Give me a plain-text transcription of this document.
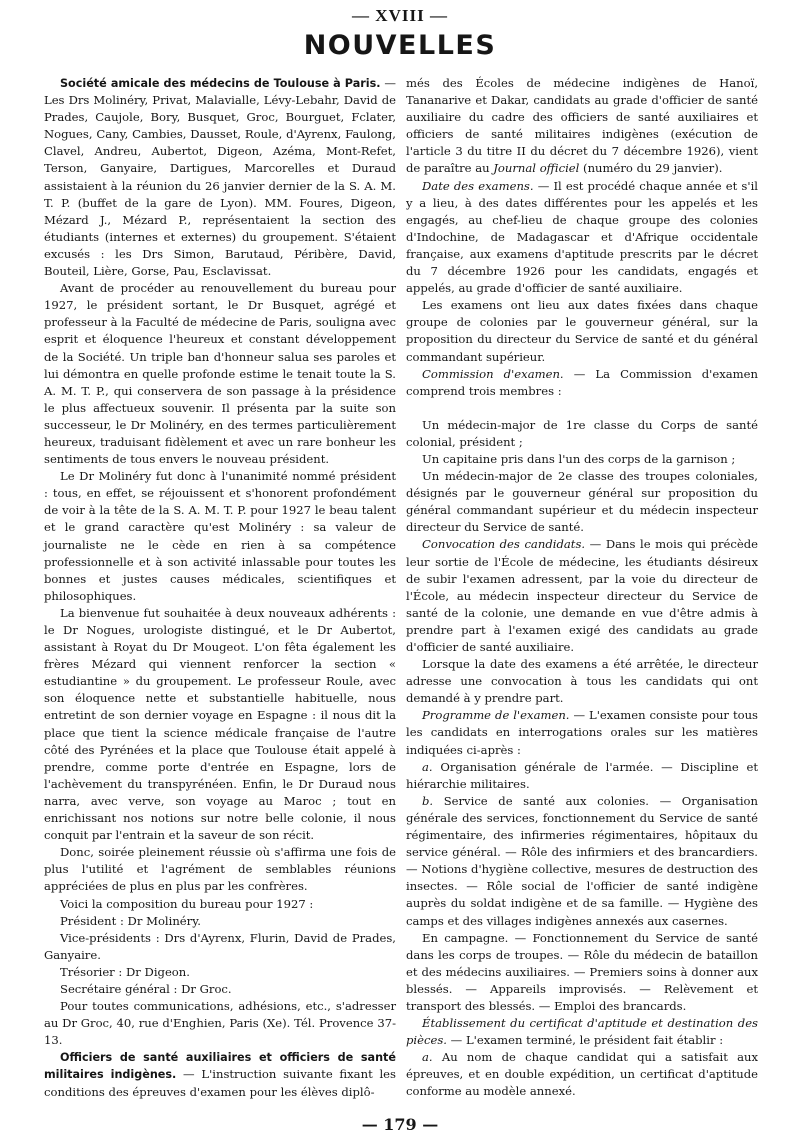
— XVIII —
NOUVELLES

Société amicale des médecins de Toulouse à Paris. — Les Drs Molinéry, Privat, Malavialle, Lévy-Lebahr, David de Prades, Caujole, Bory, Busquet, Groc, Bourguet, Fclater, Nogues, Cany, Cambies, Dausset, Roule, d'Ayrenx, Faulong, Clavel, Andreu, Aubertot, Digeon, Azéma, Mont-Refet, Terson, Ganyaire, Dartigues, Marcorelles et Duraud assistaient à la réunion du 26 janvier dernier de la S. A. M. T. P. (buffet de la gare de Lyon). MM. Foures, Digeon, Mézard J., Mézard P., représentaient la section des étudiants (internes et externes) du groupement. S'étaient excusés : les Drs Simon, Barutaud, Péribère, David, Bouteil, Lière, Gorse, Pau, Esclavissat.

Avant de procéder au renouvellement du bureau pour 1927, le président sortant, le Dr Busquet, agrégé et professeur à la Faculté de médecine de Paris, souligna avec esprit et éloquence l'heureux et constant développement de la Société. Un triple ban d'honneur salua ses paroles et lui démontra en quelle profonde estime le tenait toute la S. A. M. T. P., qui conservera de son passage à la présidence le plus affectueux souvenir. Il présenta par la suite son successeur, le Dr Molinéry, en des termes particulièrement heureux, traduisant fidèlement et avec un rare bonheur les sentiments de tous envers le nouveau président.

Le Dr Molinéry fut donc à l'unanimité nommé président : tous, en effet, se réjouissent et s'honorent profondément de voir à la tête de la S. A. M. T. P. pour 1927 le beau talent et le grand caractère qu'est Molinéry : sa valeur de journaliste ne le cède en rien à sa compétence professionnelle et à son activité inlassable pour toutes les bonnes et justes causes médicales, scientifiques et philosophiques.

La bienvenue fut souhaitée à deux nouveaux adhérents : le Dr Nogues, urologiste distingué, et le Dr Aubertot, assistant à Royat du Dr Mougeot. L'on fêta également les frères Mézard qui viennent renforcer la section « estudiantine » du groupement. Le professeur Roule, avec son éloquence nette et substantielle habituelle, nous entretint de son dernier voyage en Espagne : il nous dit la place que tient la science médicale française de l'autre côté des Pyrénées et la place que Toulouse était appelé à prendre, comme porte d'entrée en Espagne, lors de l'achèvement du transpyrénéen. Enfin, le Dr Duraud nous narra, avec verve, son voyage au Maroc ; tout en enrichissant nos notions sur notre belle colonie, il nous conquit par l'entrain et la saveur de son récit.

Donc, soirée pleinement réussie où s'affirma une fois de plus l'utilité et l'agrément de semblables réunions appréciées de plus en plus par les confrères.

Voici la composition du bureau pour 1927 :

Président : Dr Molinéry.

Vice-présidents : Drs d'Ayrenx, Flurin, David de Prades, Ganyaire.

Trésorier : Dr Digeon.

Secrétaire général : Dr Groc.

Pour toutes communications, adhésions, etc., s'adresser au Dr Groc, 40, rue d'Enghien, Paris (Xe). Tél. Provence 37-13.

Officiers de santé auxiliaires et officiers de santé militaires indigènes. — L'instruction suivante fixant les conditions des épreuves d'examen pour les élèves diplô-

més des Écoles de médecine indigènes de Hanoï, Tananarive et Dakar, candidats au grade d'officier de santé auxiliaire du cadre des officiers de santé auxiliaires et officiers de santé militaires indigènes (exécution de l'article 3 du titre II du décret du 7 décembre 1926), vient de paraître au Journal officiel (numéro du 29 janvier).

Date des examens. — Il est procédé chaque année et s'il y a lieu, à des dates différentes pour les appelés et les engagés, au chef-lieu de chaque groupe des colonies d'Indochine, de Madagascar et d'Afrique occidentale française, aux examens d'aptitude prescrits par le décret du 7 décembre 1926 pour les candidats, engagés et appelés, au grade d'officier de santé auxiliaire.

Les examens ont lieu aux dates fixées dans chaque groupe de colonies par le gouverneur général, sur la proposition du directeur du Service de santé et du général commandant supérieur.

Commission d'examen. — La Commission d'examen comprend trois membres :

Un médecin-major de 1re classe du Corps de santé colonial, président ;

Un capitaine pris dans l'un des corps de la garnison ;

Un médecin-major de 2e classe des troupes coloniales, désignés par le gouverneur général sur proposition du général commandant supérieur et du médecin inspecteur directeur du Service de santé.

Convocation des candidats. — Dans le mois qui précède leur sortie de l'École de médecine, les étudiants désireux de subir l'examen adressent, par la voie du directeur de l'École, au médecin inspecteur directeur du Service de santé de la colonie, une demande en vue d'être admis à prendre part à l'examen exigé des candidats au grade d'officier de santé auxiliaire.

Lorsque la date des examens a été arrêtée, le directeur adresse une convocation à tous les candidats qui ont demandé à y prendre part.

Programme de l'examen. — L'examen consiste pour tous les candidats en interrogations orales sur les matières indiquées ci-après :

a. Organisation générale de l'armée. — Discipline et hiérarchie militaires.

b. Service de santé aux colonies. — Organisation générale des services, fonctionnement du Service de santé régimentaire, des infirmeries régimentaires, hôpitaux du service général. — Rôle des infirmiers et des brancardiers. — Notions d'hygiène collective, mesures de destruction des insectes. — Rôle social de l'officier de santé indigène auprès du soldat indigène et de sa famille. — Hygiène des camps et des villages indigènes annexés aux casernes.

En campagne. — Fonctionnement du Service de santé dans les corps de troupes. — Rôle du médecin de bataillon et des médecins auxiliaires. — Premiers soins à donner aux blessés. — Appareils improvisés. — Relèvement et transport des blessés. — Emploi des brancards.

Établissement du certificat d'aptitude et destination des pièces. — L'examen terminé, le président fait établir :

a. Au nom de chaque candidat qui a satisfait aux épreuves, et en double expédition, un certificat d'aptitude conforme au modèle annexé.

— 179 —
